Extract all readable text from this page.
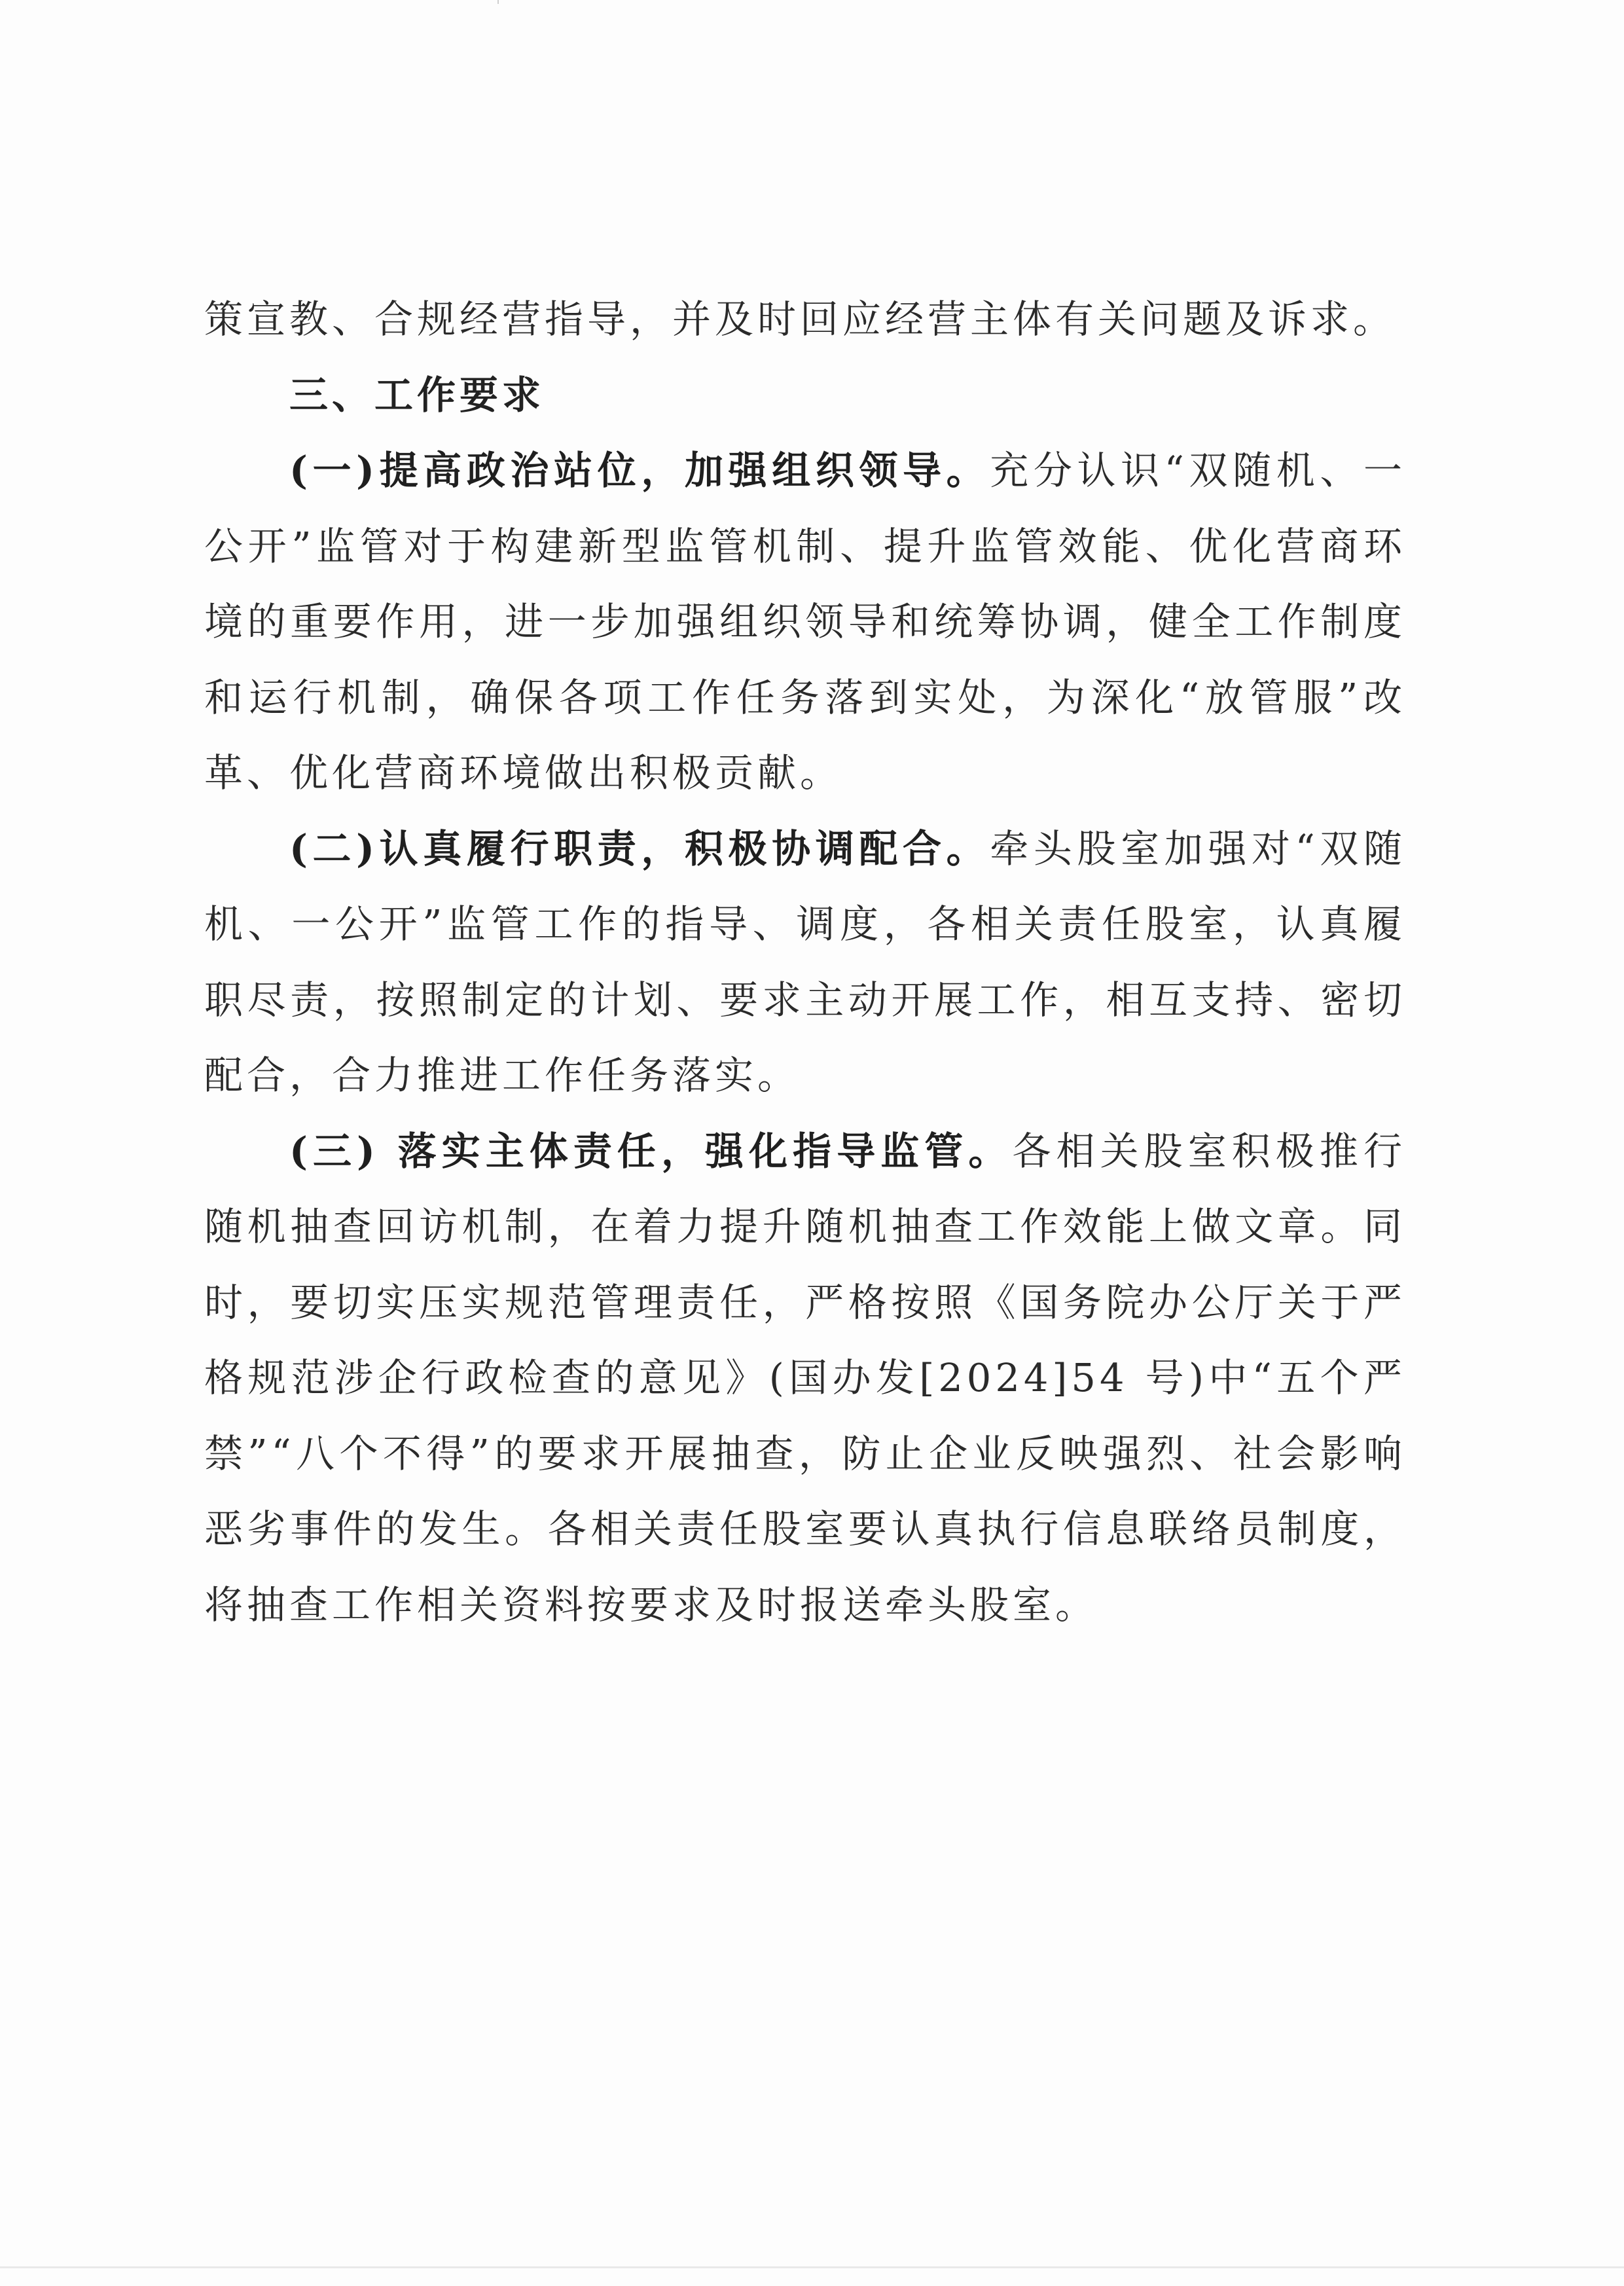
策宣教、合规经营指导，并及时回应经营主体有关问题及诉求。

三、工作要求

(一)提高政治站位，加强组织领导。充分认识“双随机、一公开”监管对于构建新型监管机制、提升监管效能、优化营商环境的重要作用，进一步加强组织领导和统筹协调，健全工作制度和运行机制，确保各项工作任务落到实处，为深化“放管服”改革、优化营商环境做出积极贡献。

(二)认真履行职责，积极协调配合。牵头股室加强对“双随机、一公开”监管工作的指导、调度，各相关责任股室，认真履职尽责，按照制定的计划、要求主动开展工作，相互支持、密切配合，合力推进工作任务落实。

(三) 落实主体责任，强化指导监管。各相关股室积极推行随机抽查回访机制，在着力提升随机抽查工作效能上做文章。同时，要切实压实规范管理责任，严格按照《国务院办公厅关于严格规范涉企行政检查的意见》(国办发[2024]54 号)中“五个严禁”“八个不得”的要求开展抽查，防止企业反映强烈、社会影响恶劣事件的发生。各相关责任股室要认真执行信息联络员制度，将抽查工作相关资料按要求及时报送牵头股室。
